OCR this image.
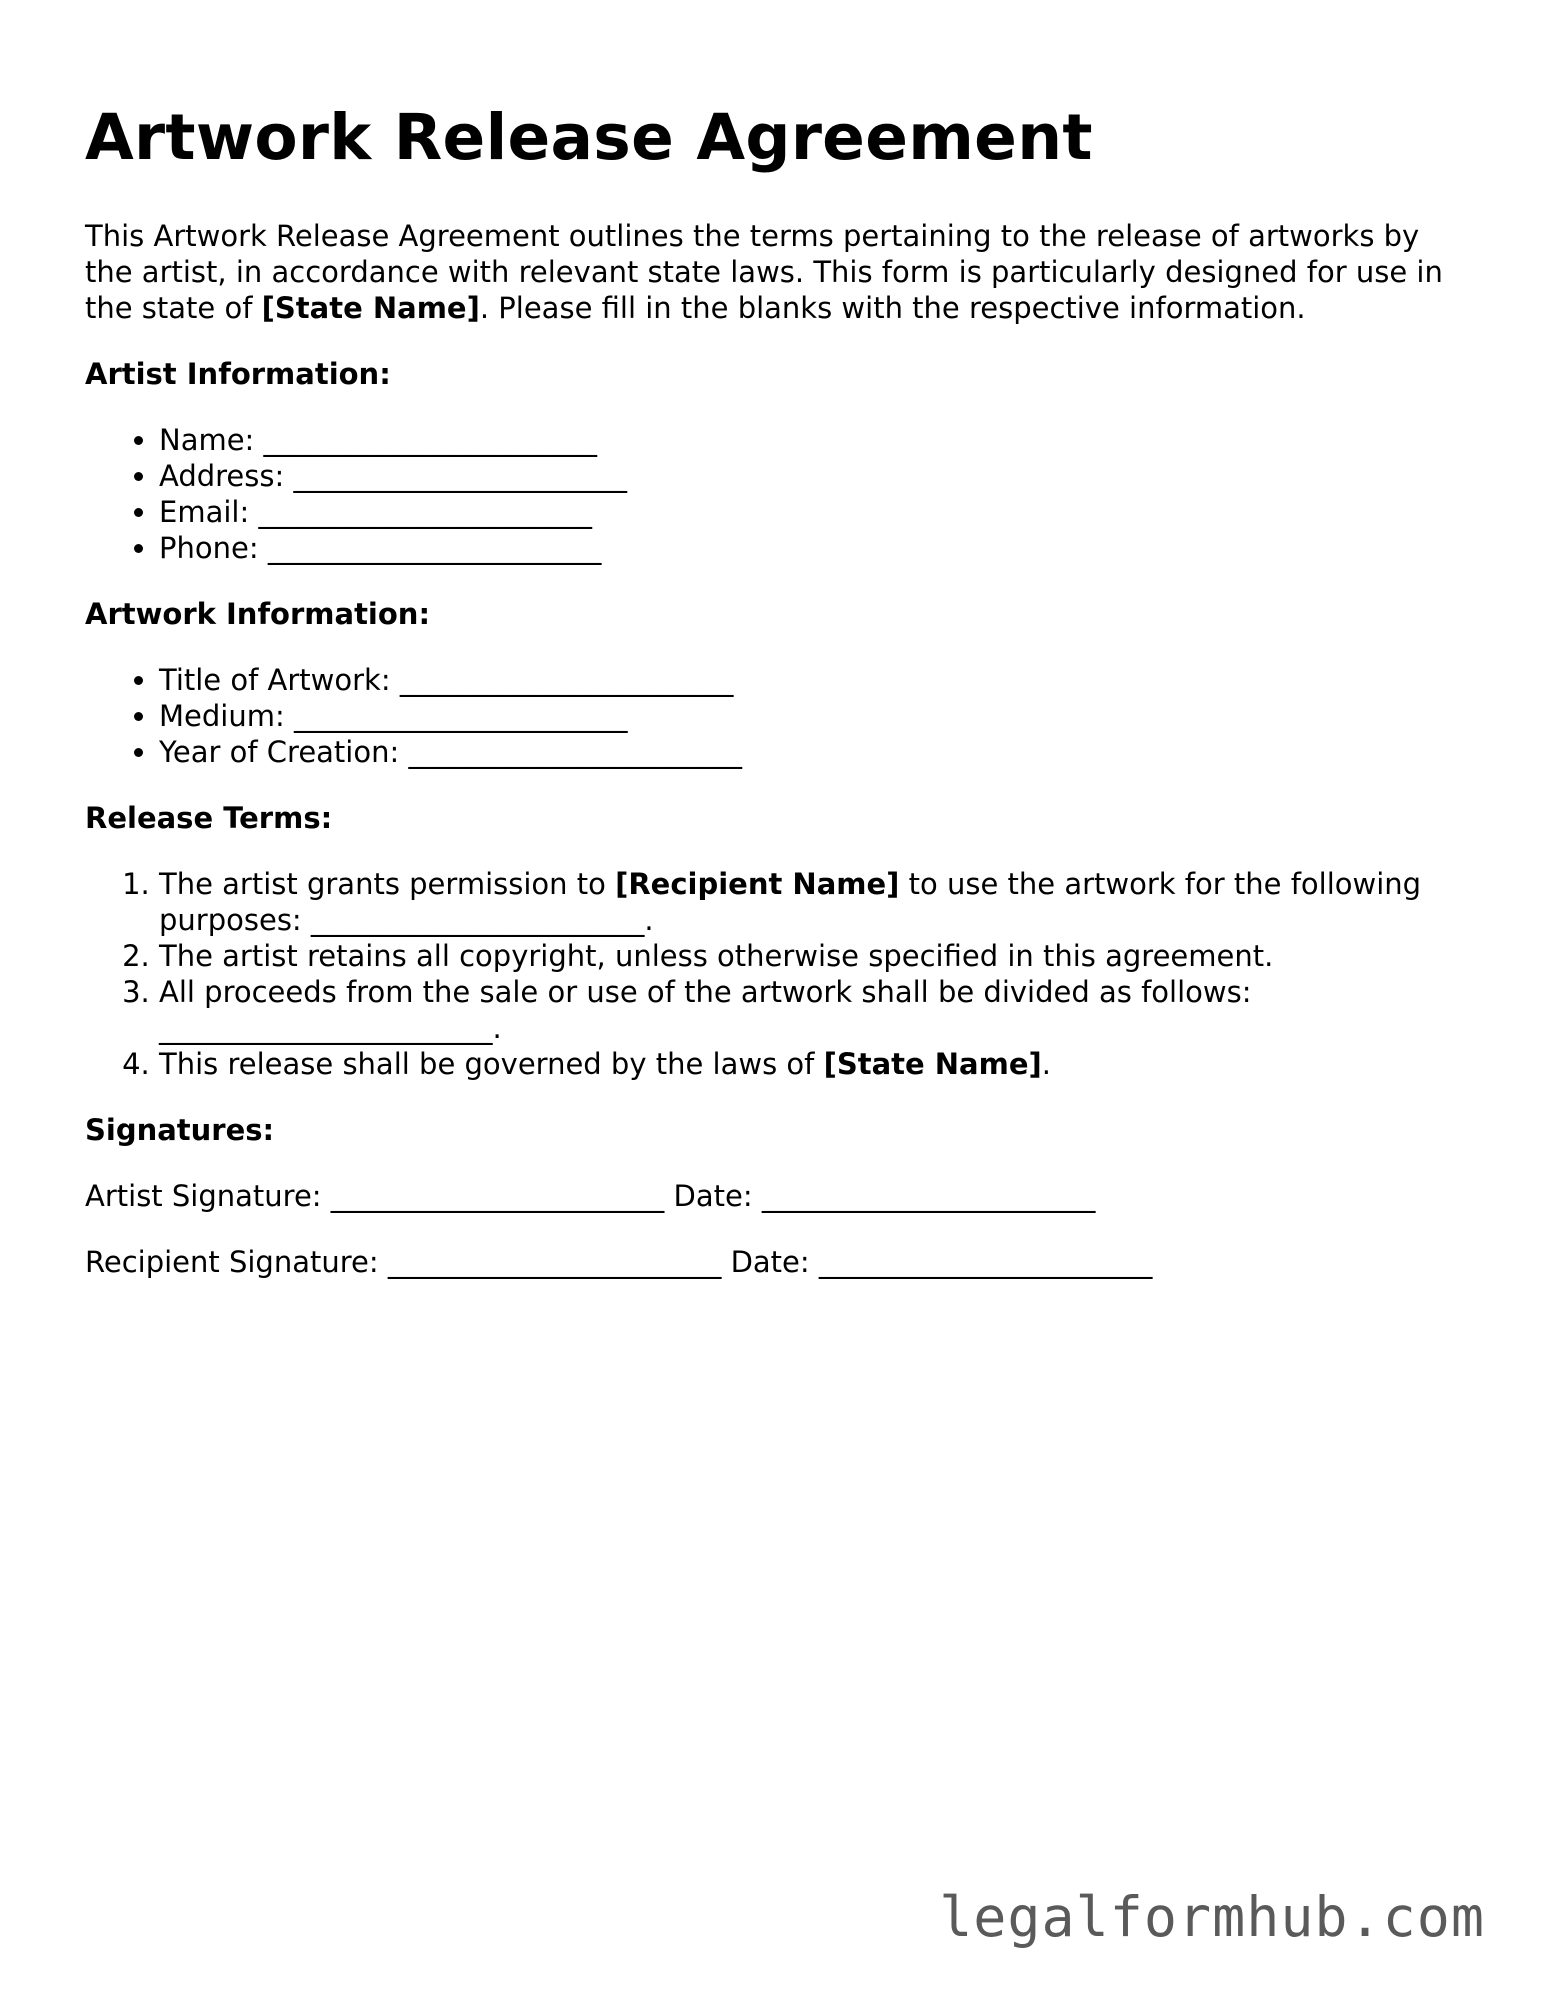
Artwork Release Agreement

This Artwork Release Agreement outlines the terms pertaining to the release of artworks by the artist, in accordance with relevant state laws. This form is particularly designed for use in the state of [State Name]. Please fill in the blanks with the respective information.

Artist Information:

• Name: _______________________
• Address: _______________________
• Email: _______________________
• Phone: _______________________

Artwork Information:

• Title of Artwork: _______________________
• Medium: _______________________
• Year of Creation: _______________________

Release Terms:

1. The artist grants permission to [Recipient Name] to use the artwork for the following purposes: _______________________.
2. The artist retains all copyright, unless otherwise specified in this agreement.
3. All proceeds from the sale or use of the artwork shall be divided as follows: _______________________.
4. This release shall be governed by the laws of [State Name].

Signatures:

Artist Signature: _______________________ Date: _______________________

Recipient Signature: _______________________ Date: _______________________

legalformhub.com
